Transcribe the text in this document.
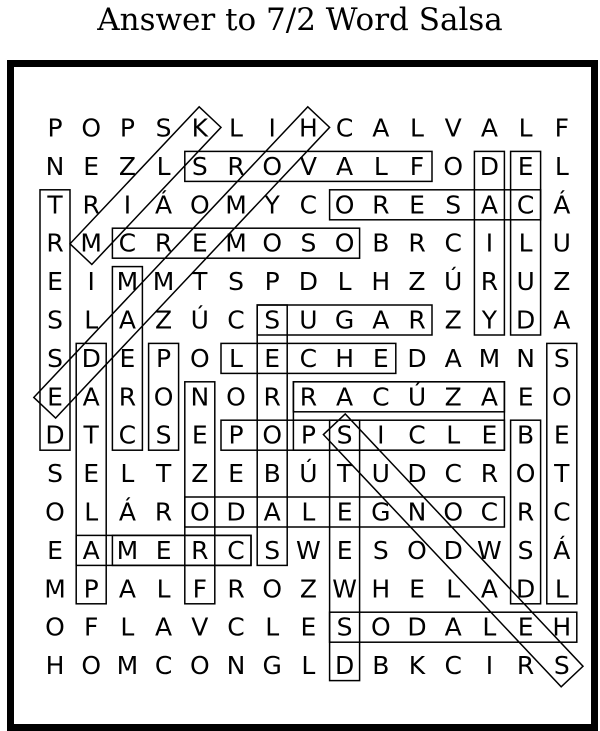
Answer to 7/2 Word Salsa
P O P S K L I H C A L V A L F
N E Z L S R O V A L F O D E L
T R I Á O M Y C O R E S A C Á
R M C R E M O S O B R C I L U
E I M M T S P D L H Z Ú R U Z
S L A Z Ú C S U G A R Z Y D A
S D E P O L E C H E D A M N S
E A R O N O R R A C Ú Z A E O
D T C S E P O P S I C L E B E
S E L T Z E B Ú T U D C R O T
O L Á R O D A L E G N O C R C
E A M E R C S W E S O D W S Á
M P A L F R O Z W H E L A D L
O F L A V C L E S O D A L E H
H O M C O N G L D B K C I R S
